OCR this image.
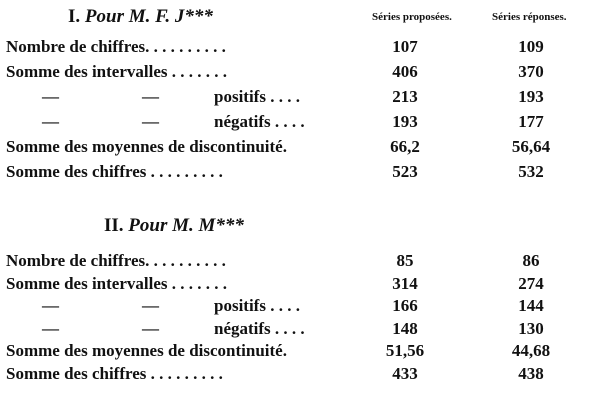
I. Pour M. F. J***	Séries proposées.	Séries réponses.
Nombre de chiffres. . . . . . . . . .	107	109
Somme des intervalles . . . . . . .	406	370
—	—	positifs . . . .	213	193
—	—	négatifs . . . .	193	177
Somme des moyennes de discontinuité.	66,2	56,64
Somme des chiffres . . . . . . . . .	523	532
II. Pour M. M***
Nombre de chiffres. . . . . . . . . .	85	86
Somme des intervalles . . . . . . .	314	274
—	—	positifs . . . .	166	144
—	—	négatifs . . . .	148	130
Somme des moyennes de discontinuité.	51,56	44,68
Somme des chiffres . . . . . . . . .	433	438
